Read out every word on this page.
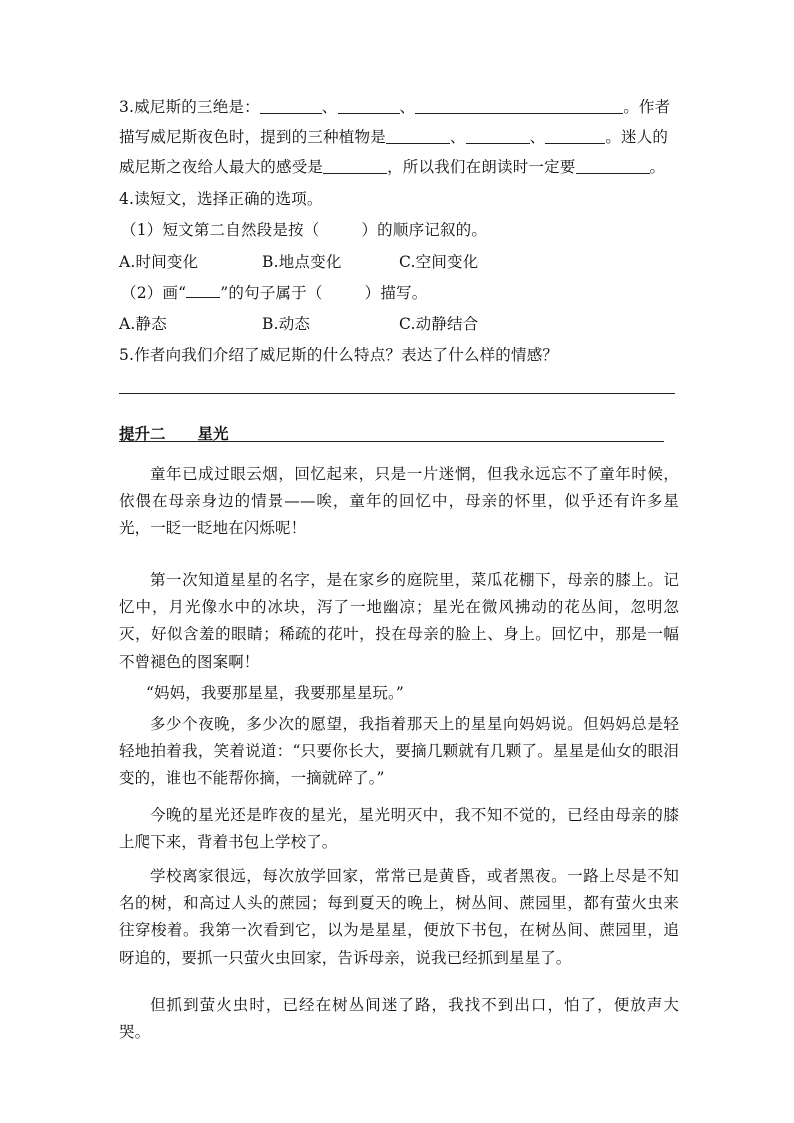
3.威尼斯的三绝是：	、	、	。作者
描写威尼斯夜色时，提到的三种植物是	、	、	。迷人的
威尼斯之夜给人最大的感受是	，所以我们在朗读时一定要	。
4.读短文，选择正确的选项。
（1）短文第二自然段是按（	）的顺序记叙的。
A.时间变化	B.地点变化	C.空间变化
（2）画“ ”的句子属于（	）描写。
A.静态	B.动态	C.动静结合
5.作者向我们介绍了威尼斯的什么特点？表达了什么样的情感？
提升二 星光
童年已成过眼云烟，回忆起来，只是一片迷惘，但我永远忘不了童年时候，依偎在母亲身边的情景——唉，童年的回忆中，母亲的怀里，似乎还有许多星光，一眨一眨地在闪烁呢！
第一次知道星星的名字，是在家乡的庭院里，菜瓜花棚下，母亲的膝上。记忆中，月光像水中的冰块，泻了一地幽凉；星光在微风拂动的花丛间，忽明忽灭，好似含羞的眼睛；稀疏的花叶，投在母亲的脸上、身上。回忆中，那是一幅不曾褪色的图案啊！
“妈妈，我要那星星，我要那星星玩。”
多少个夜晚，多少次的愿望，我指着那天上的星星向妈妈说。但妈妈总是轻轻地拍着我，笑着说道：“只要你长大，要摘几颗就有几颗了。星星是仙女的眼泪变的，谁也不能帮你摘，一摘就碎了。”
今晚的星光还是昨夜的星光，星光明灭中，我不知不觉的，已经由母亲的膝上爬下来，背着书包上学校了。
学校离家很远，每次放学回家，常常已是黄昏，或者黑夜。一路上尽是不知名的树，和高过人头的蔗园；每到夏天的晚上，树丛间、蔗园里，都有萤火虫来往穿梭着。我第一次看到它，以为是星星，便放下书包，在树丛间、蔗园里，追呀追的，要抓一只萤火虫回家，告诉母亲，说我已经抓到星星了。
但抓到萤火虫时，已经在树丛间迷了路，我找不到出口，怕了，便放声大哭。
